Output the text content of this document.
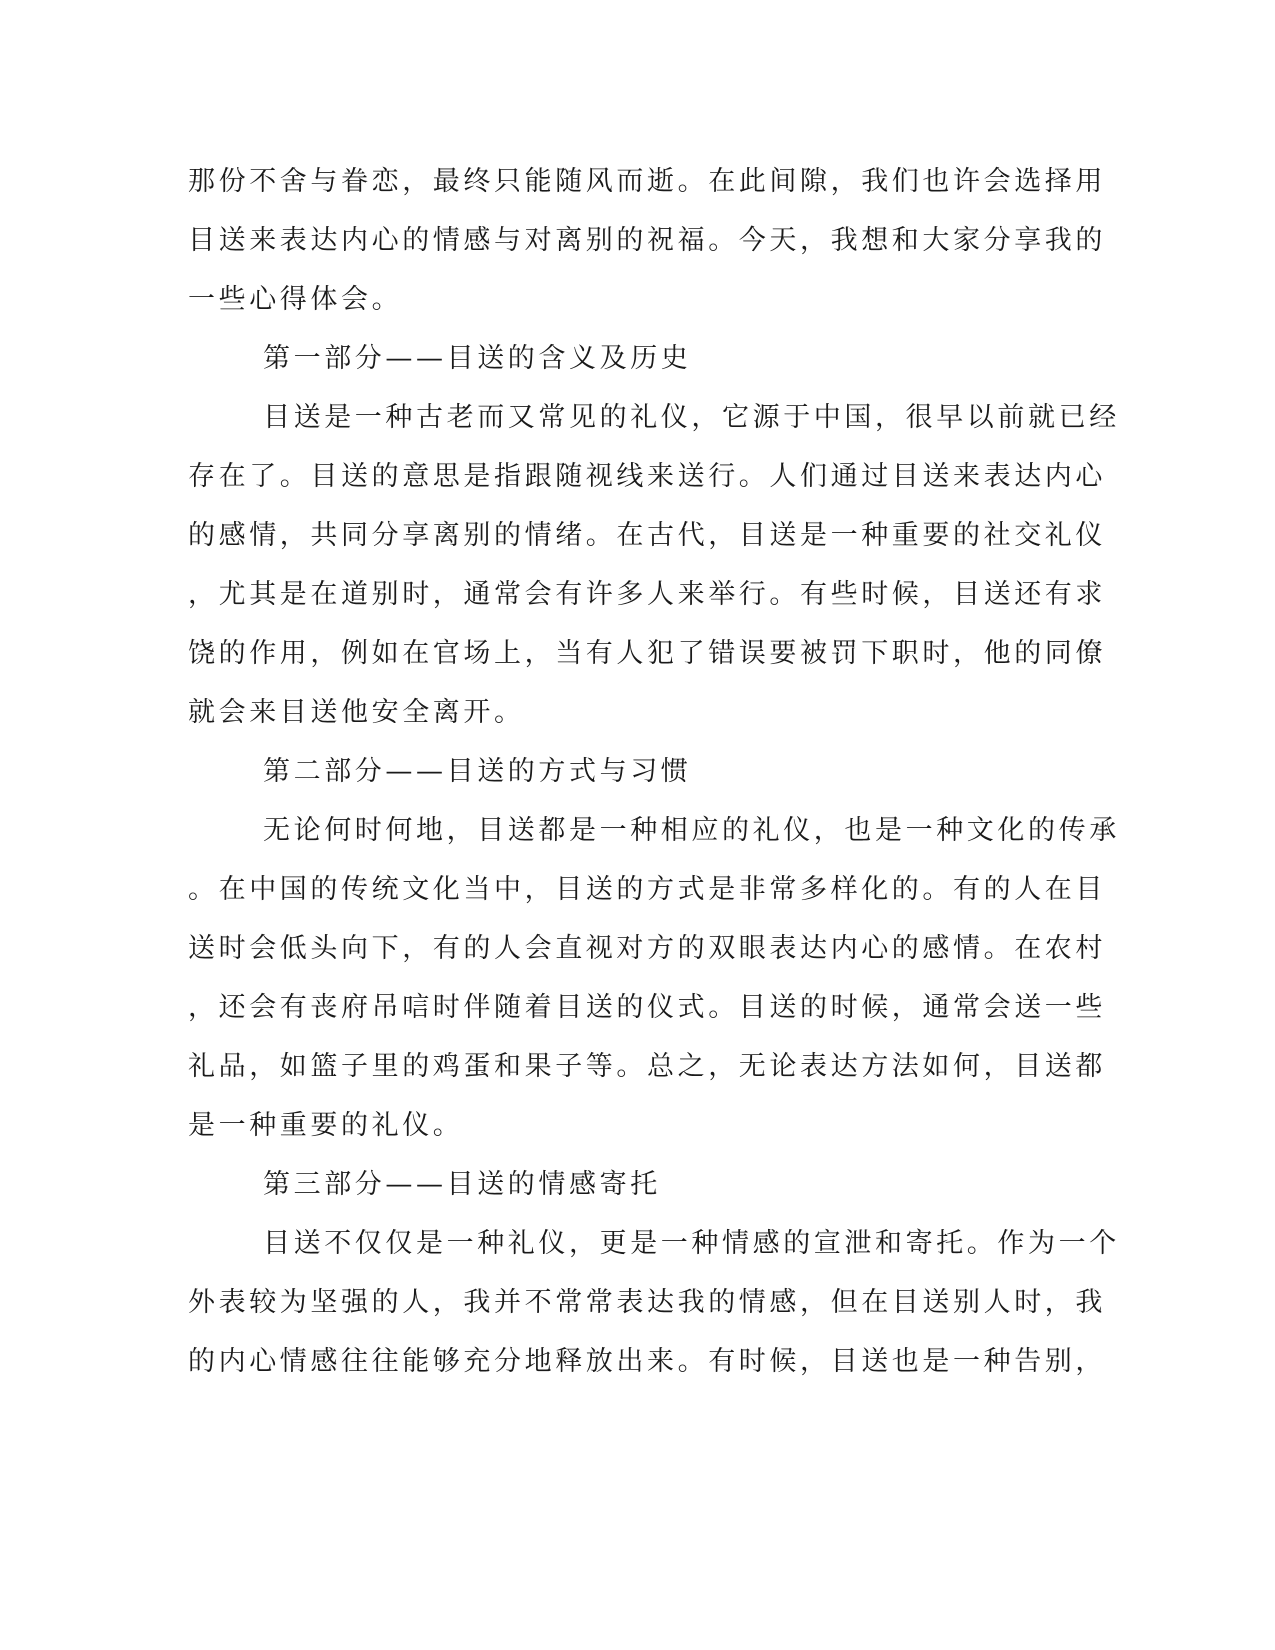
那份不舍与眷恋，最终只能随风而逝。在此间隙，我们也许会选择用

目送来表达内心的情感与对离别的祝福。今天，我想和大家分享我的

一些心得体会。

第一部分——目送的含义及历史

目送是一种古老而又常见的礼仪，它源于中国，很早以前就已经

存在了。目送的意思是指跟随视线来送行。人们通过目送来表达内心

的感情，共同分享离别的情绪。在古代，目送是一种重要的社交礼仪

，尤其是在道别时，通常会有许多人来举行。有些时候，目送还有求

饶的作用，例如在官场上，当有人犯了错误要被罚下职时，他的同僚

就会来目送他安全离开。

第二部分——目送的方式与习惯

无论何时何地，目送都是一种相应的礼仪，也是一种文化的传承

。在中国的传统文化当中，目送的方式是非常多样化的。有的人在目

送时会低头向下，有的人会直视对方的双眼表达内心的感情。在农村

，还会有丧府吊唁时伴随着目送的仪式。目送的时候，通常会送一些

礼品，如篮子里的鸡蛋和果子等。总之，无论表达方法如何，目送都

是一种重要的礼仪。

第三部分——目送的情感寄托

目送不仅仅是一种礼仪，更是一种情感的宣泄和寄托。作为一个

外表较为坚强的人，我并不常常表达我的情感，但在目送别人时，我

的内心情感往往能够充分地释放出来。有时候，目送也是一种告别，
